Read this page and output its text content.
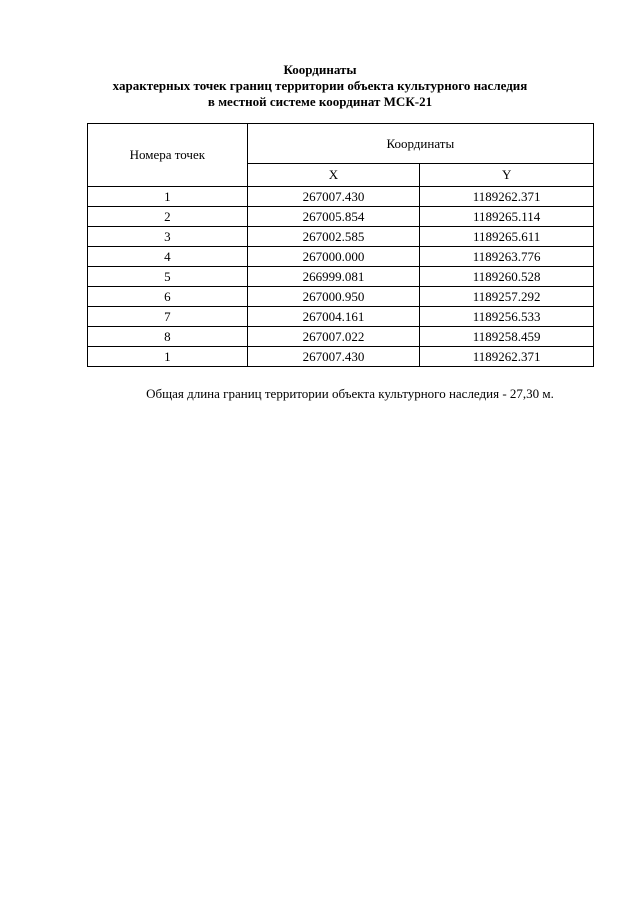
Координаты
характерных точек границ территории объекта культурного наследия
в местной системе координат МСК-21
Номера точек	Координаты	
	X	Y
1	267007.430	1189262.371
2	267005.854	1189265.114
3	267002.585	1189265.611
4	267000.000	1189263.776
5	266999.081	1189260.528
6	267000.950	1189257.292
7	267004.161	1189256.533
8	267007.022	1189258.459
1	267007.430	1189262.371
Общая длина границ территории объекта культурного наследия - 27,30 м.
